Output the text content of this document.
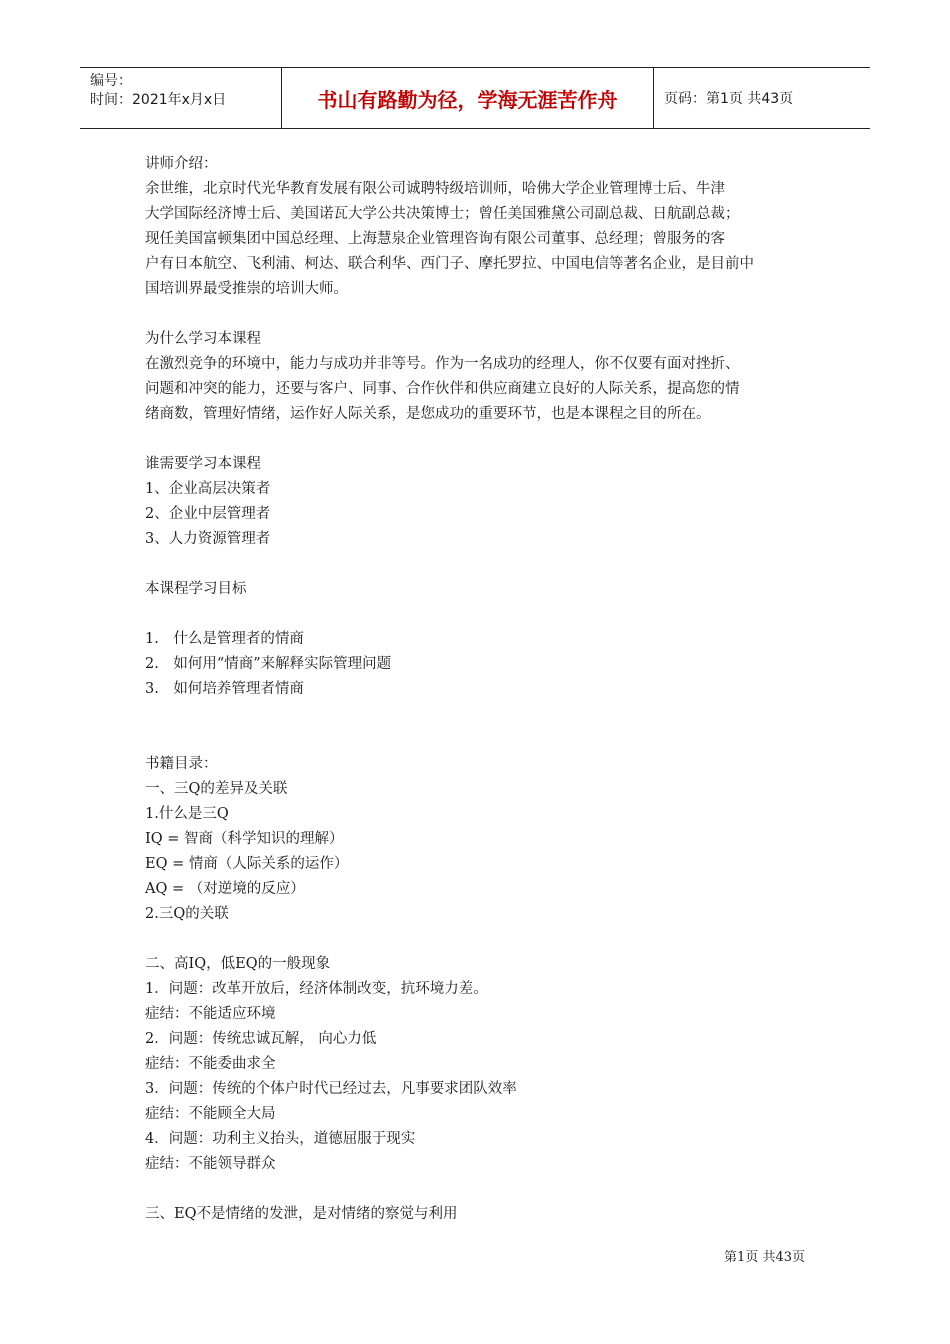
编号：
时间：2021年x月x日	书山有路勤为径，学海无涯苦作舟	页码：第1页 共43页

讲师介绍：

余世维，北京时代光华教育发展有限公司诚聘特级培训师，哈佛大学企业管理博士后、牛津

大学国际经济博士后、美国诺瓦大学公共决策博士；曾任美国雅黛公司副总裁、日航副总裁；

现任美国富顿集团中国总经理、上海慧泉企业管理咨询有限公司董事、总经理；曾服务的客

户有日本航空、飞利浦、柯达、联合利华、西门子、摩托罗拉、中国电信等著名企业，是目前中

国培训界最受推崇的培训大师。

为什么学习本课程

在激烈竞争的环境中，能力与成功并非等号。作为一名成功的经理人，你不仅要有面对挫折、

问题和冲突的能力，还要与客户、同事、合作伙伴和供应商建立良好的人际关系，提高您的情

绪商数，管理好情绪，运作好人际关系，是您成功的重要环节，也是本课程之目的所在。

谁需要学习本课程

1、企业高层决策者

2、企业中层管理者

3、人力资源管理者

本课程学习目标

1.　什么是管理者的情商

2.　如何用“情商”来解释实际管理问题

3.　如何培养管理者情商

书籍目录：

一、三Q的差异及关联

1.什么是三Q

IQ = 智商（科学知识的理解）

EQ = 情商（人际关系的运作）

AQ = （对逆境的反应）

2.三Q的关联

二、高IQ，低EQ的一般现象

1．问题：改革开放后，经济体制改变，抗环境力差。

症结：不能适应环境

2．问题：传统忠诚瓦解， 向心力低

症结：不能委曲求全

3．问题：传统的个体户时代已经过去，凡事要求团队效率

症结：不能顾全大局

4．问题：功利主义抬头，道德屈服于现实

症结：不能领导群众

三、EQ不是情绪的发泄，是对情绪的察觉与利用

第1页 共43页
